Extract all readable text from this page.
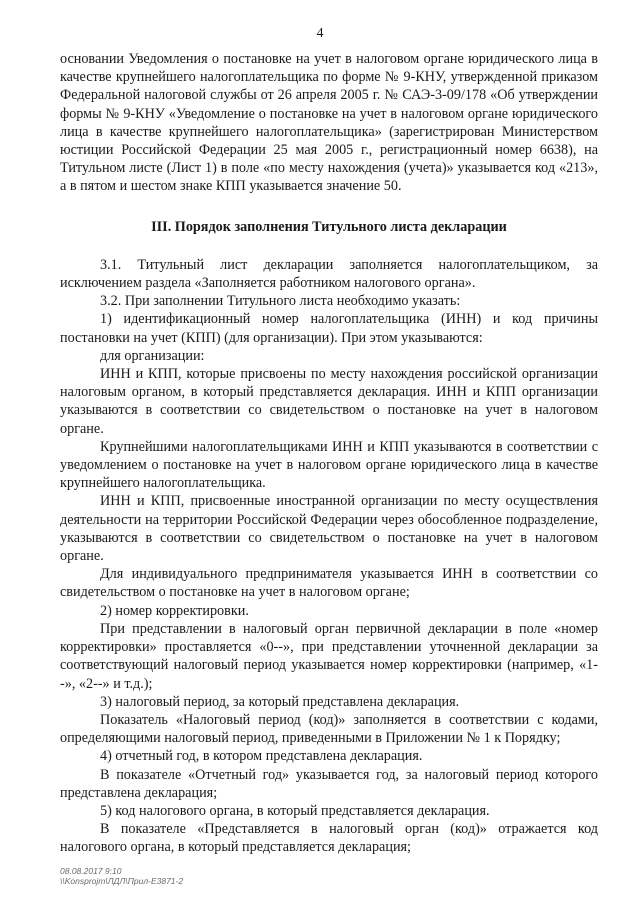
4

основании Уведомления о постановке на учет в налоговом органе юридического лица в качестве крупнейшего налогоплательщика по форме № 9-КНУ, утвержденной приказом Федеральной налоговой службы от 26 апреля 2005 г. № САЭ-3-09/178 «Об утверждении формы № 9-КНУ «Уведомление о постановке на учет в налоговом органе юридического лица в качестве крупнейшего налогоплательщика» (зарегистрирован Министерством юстиции Российской Федерации 25 мая 2005 г., регистрационный номер 6638), на Титульном листе (Лист 1) в поле «по месту нахождения (учета)» указывается код «213», а в пятом и шестом знаке КПП указывается значение 50.

III. Порядок заполнения Титульного листа декларации

3.1. Титульный лист декларации заполняется налогоплательщиком, за исключением раздела «Заполняется работником налогового органа».

3.2. При заполнении Титульного листа необходимо указать:

1) идентификационный номер налогоплательщика (ИНН) и код причины постановки на учет (КПП) (для организации). При этом указываются:

для организации:

ИНН и КПП, которые присвоены по месту нахождения российской организации налоговым органом, в который представляется декларация. ИНН и КПП организации указываются в соответствии со свидетельством о постановке на учет в налоговом органе.

Крупнейшими налогоплательщиками ИНН и КПП указываются в соответствии с уведомлением о постановке на учет в налоговом органе юридического лица в качестве крупнейшего налогоплательщика.

ИНН и КПП, присвоенные иностранной организации по месту осуществления деятельности на территории Российской Федерации через обособленное подразделение, указываются в соответствии со свидетельством о постановке на учет в налоговом органе.

Для индивидуального предпринимателя указывается ИНН в соответствии со свидетельством о постановке на учет в налоговом органе;

2) номер корректировки.

При представлении в налоговый орган первичной декларации в поле «номер корректировки» проставляется «0--», при представлении уточненной декларации за соответствующий налоговый период указывается номер корректировки (например, «1--», «2--» и т.д.);

3) налоговый период, за который представлена декларация.

Показатель «Налоговый период (код)» заполняется в соответствии с кодами, определяющими налоговый период, приведенными в Приложении № 1 к Порядку;

4) отчетный год, в котором представлена декларация.

В показателе «Отчетный год» указывается год, за налоговый период которого представлена декларация;

5) код налогового органа, в который представляется декларация.

В показателе «Представляется в налоговый орган (код)» отражается код налогового органа, в который представляется декларация;

08.08.2017 9:10
\\Konsprojm\ЛДЛ\Прил-Е3871-2
